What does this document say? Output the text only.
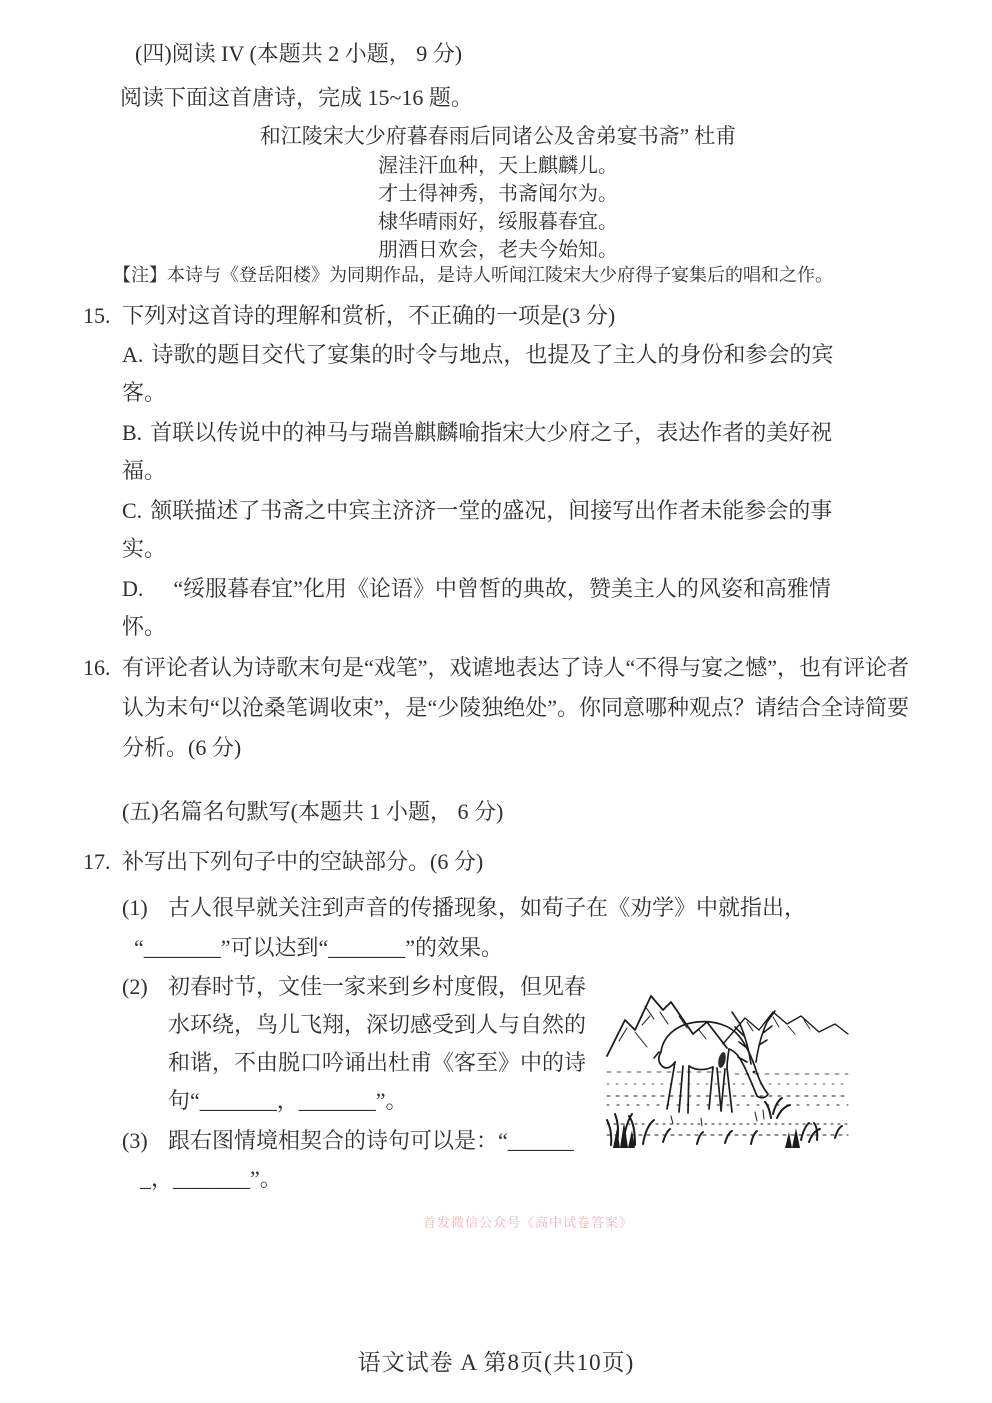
(四)阅读 IV (本题共 2 小题， 9 分)

阅读下面这首唐诗，完成 15~16 题。

和江陵宋大少府暮春雨后同诸公及舍弟宴书斋” 杜甫

渥洼汗血种，天上麒麟儿。

才士得神秀，书斋闻尔为。

棣华晴雨好，绥服暮春宜。

朋酒日欢会，老夫今始知。

【注】本诗与《登岳阳楼》为同期作品，是诗人听闻江陵宋大少府得子宴集后的唱和之作。

15. 下列对这首诗的理解和赏析，不正确的一项是(3 分)

A. 诗歌的题目交代了宴集的时令与地点，也提及了主人的身份和参会的宾客。

B. 首联以传说中的神马与瑞兽麒麟喻指宋大少府之子，表达作者的美好祝福。

C. 颔联描述了书斋之中宾主济济一堂的盛况，间接写出作者未能参会的事实。

D.　“绥服暮春宜”化用《论语》中曾皙的典故，赞美主人的风姿和高雅情怀。

16. 有评论者认为诗歌末句是“戏笔”，戏谑地表达了诗人“不得与宴之憾”，也有评论者认为末句“以沧桑笔调收束”，是“少陵独绝处”。你同意哪种观点？请结合全诗简要分析。(6 分)

(五)名篇名句默写(本题共 1 小题， 6 分)

17. 补写出下列句子中的空缺部分。(6 分)

(1) 古人很早就关注到声音的传播现象，如荀子在《劝学》中就指出，
“_______”可以达到“_______”的效果。

(2) 初春时节，文佳一家来到乡村度假，但见春水环绕，鸟儿飞翔，深切感受到人与自然的和谐，不由脱口吟诵出杜甫《客至》中的诗句“_______，_______”。

(3) 跟右图情境相契合的诗句可以是：“______
_，_______”。

首发微信公众号《高中试卷答案》

语文试卷 A 第8页(共10页)
